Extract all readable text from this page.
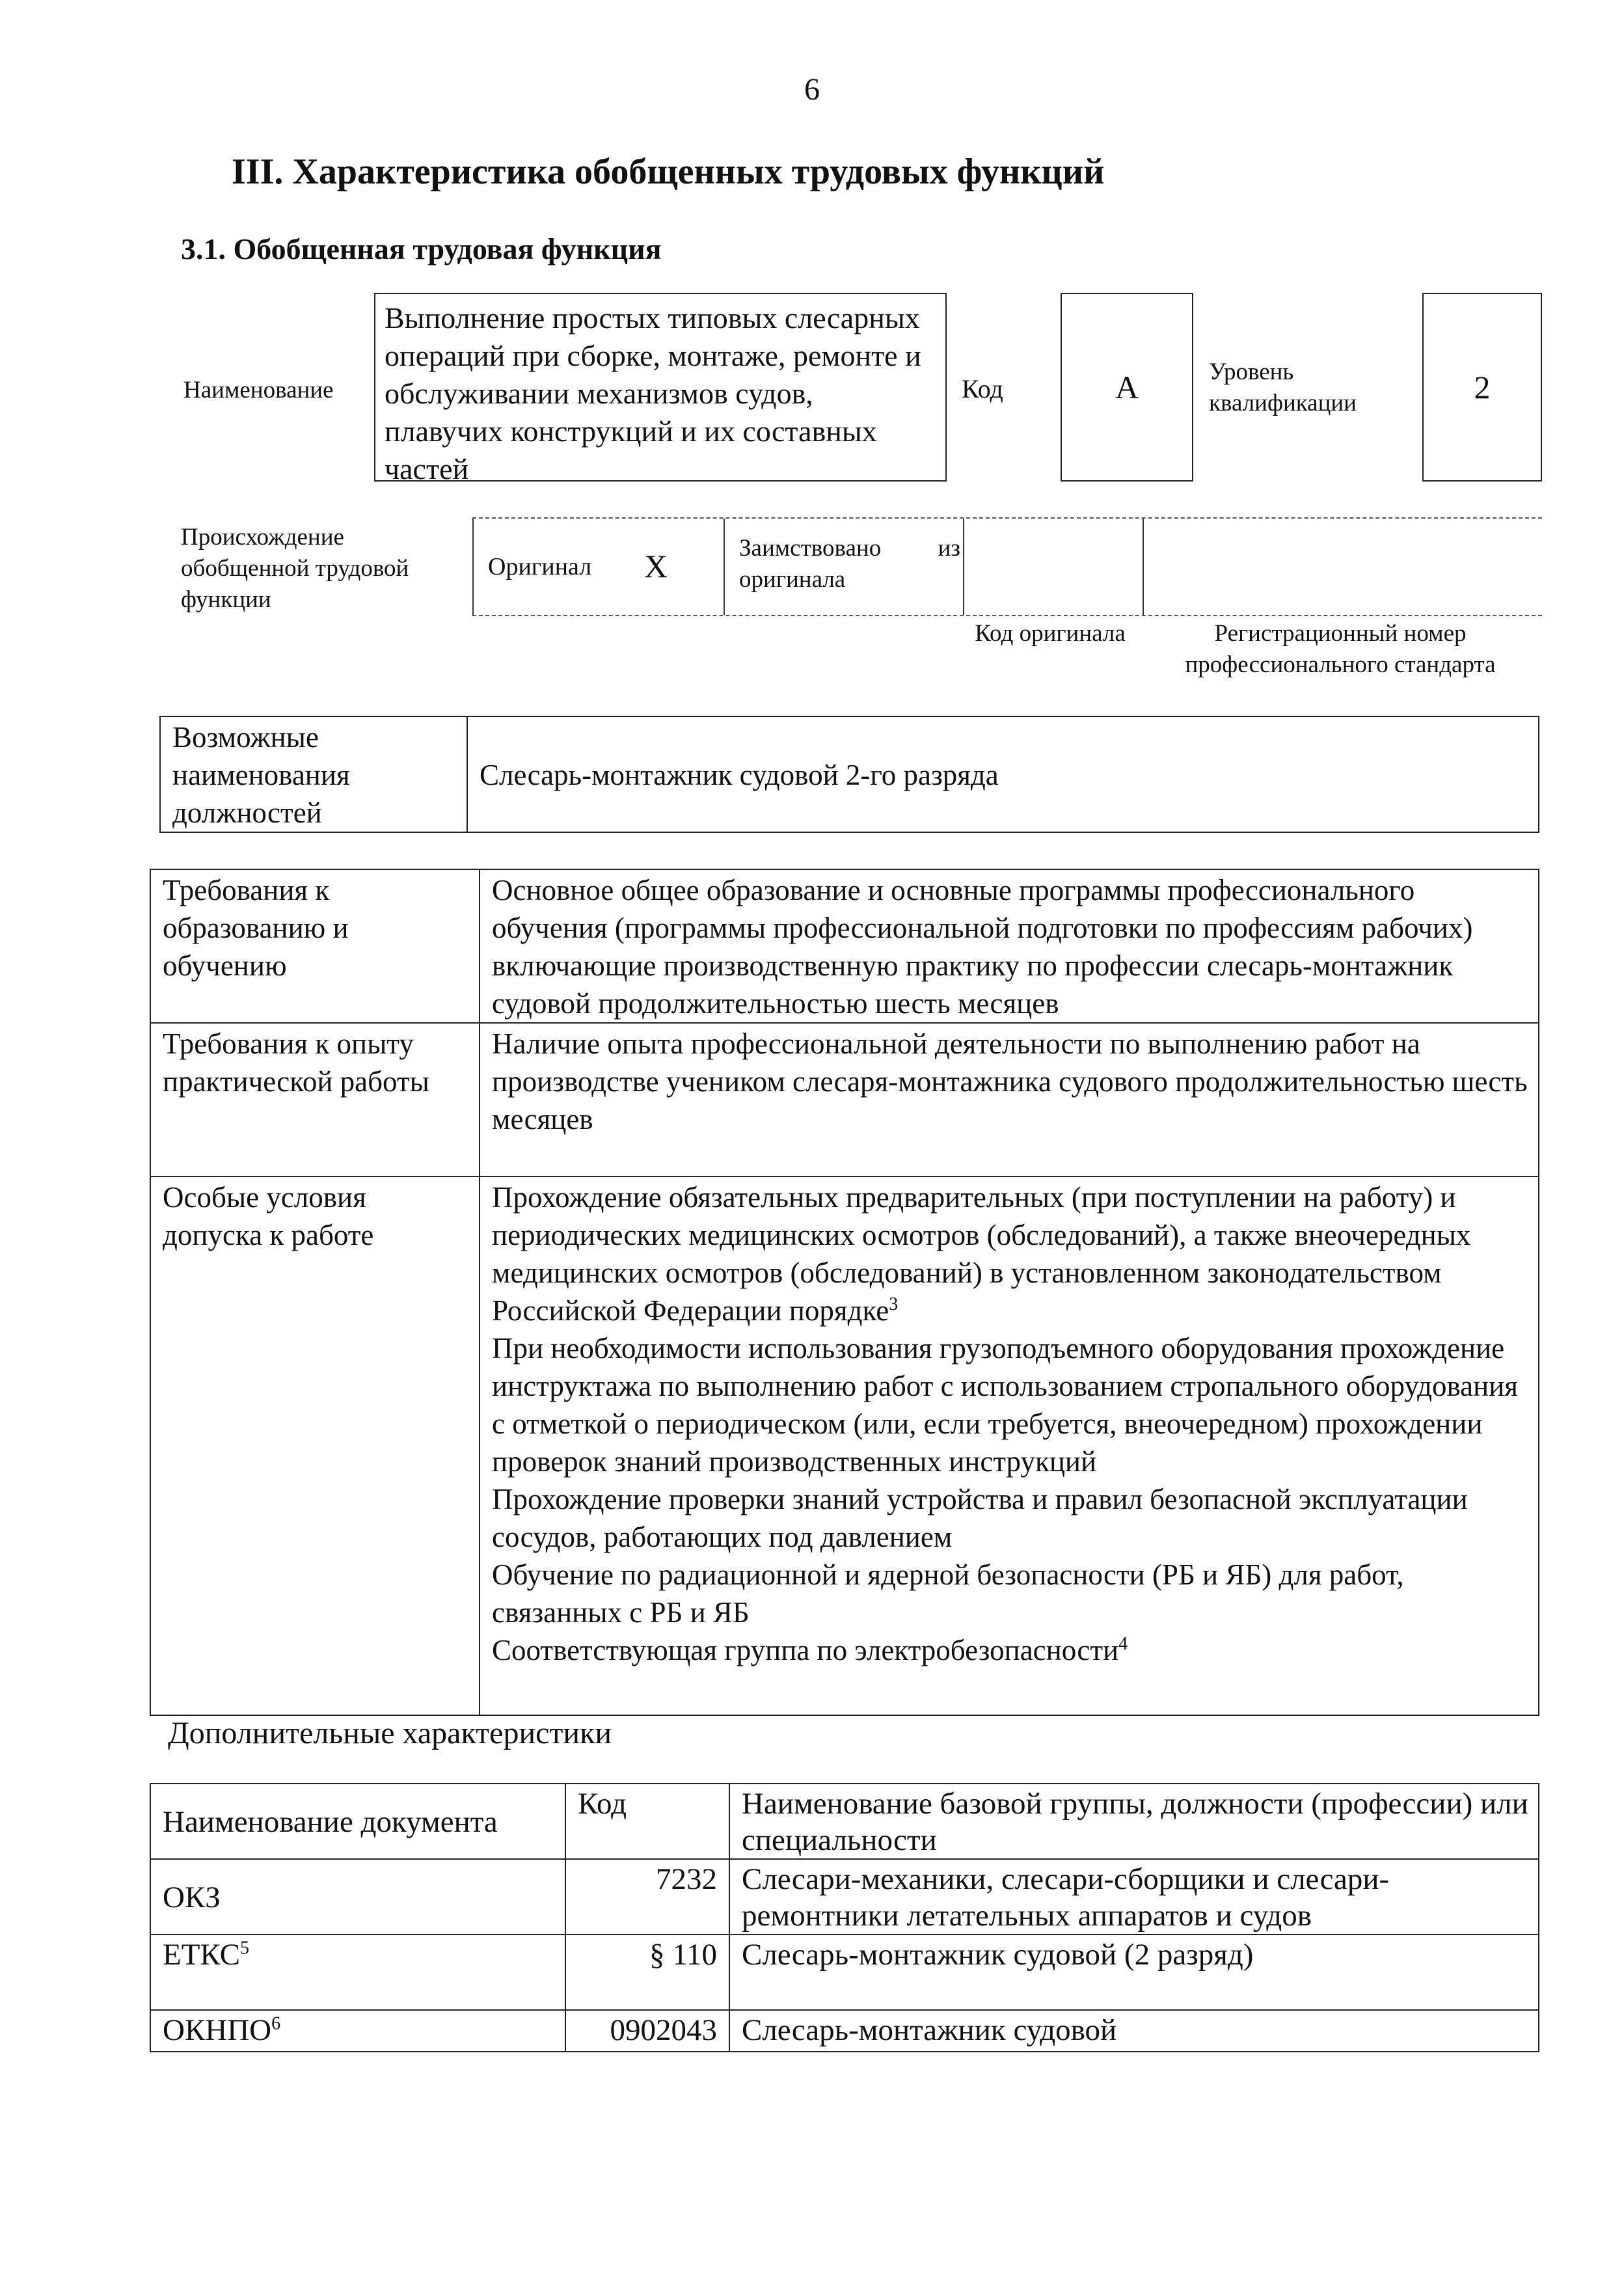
6
III. Характеристика обобщенных трудовых функций
3.1. Обобщенная трудовая функция
Наименование
Выполнение простых типовых слесарных операций при сборке, монтаже, ремонте и обслуживании механизмов судов, плавучих конструкций и их составных частей
Код	А	Уровень квалификации	2
Происхождение обобщенной трудовой функции
Оригинал Х	Заимствовано из оригинала
Код оригинала	Регистрационный номер профессионального стандарта
Возможные наименования должностей	Слесарь-монтажник судовой 2-го разряда
Требования к образованию и обучению	Основное общее образование и основные программы профессионального обучения (программы профессиональной подготовки по профессиям рабочих) включающие производственную практику по профессии слесарь-монтажник судовой продолжительностью шесть месяцев
Требования к опыту практической работы	Наличие опыта профессиональной деятельности по выполнению работ на производстве учеником слесаря-монтажника судового продолжительностью шесть месяцев
Особые условия допуска к работе	Прохождение обязательных предварительных (при поступлении на работу) и периодических медицинских осмотров (обследований), а также внеочередных медицинских осмотров (обследований) в установленном законодательством Российской Федерации порядке$^3$
При необходимости использования грузоподъемного оборудования прохождение инструктажа по выполнению работ с использованием стропального оборудования с отметкой о периодическом (или, если требуется, внеочередном) прохождении проверок знаний производственных инструкций
Прохождение проверки знаний устройства и правил безопасной эксплуатации сосудов, работающих под давлением
Обучение по радиационной и ядерной безопасности (РБ и ЯБ) для работ, связанных с РБ и ЯБ
Соответствующая группа по электробезопасности$^4$
Дополнительные характеристики
Наименование документа	Код	Наименование базовой группы, должности (профессии) или специальности
ОКЗ	7232	Слесари-механики, слесари-сборщики и слесари-ремонтники летательных аппаратов и судов
ЕТКС$^5$	§ 110	Слесарь-монтажник судовой (2 разряд)
ОКНПО$^6$	0902043	Слесарь-монтажник судовой
